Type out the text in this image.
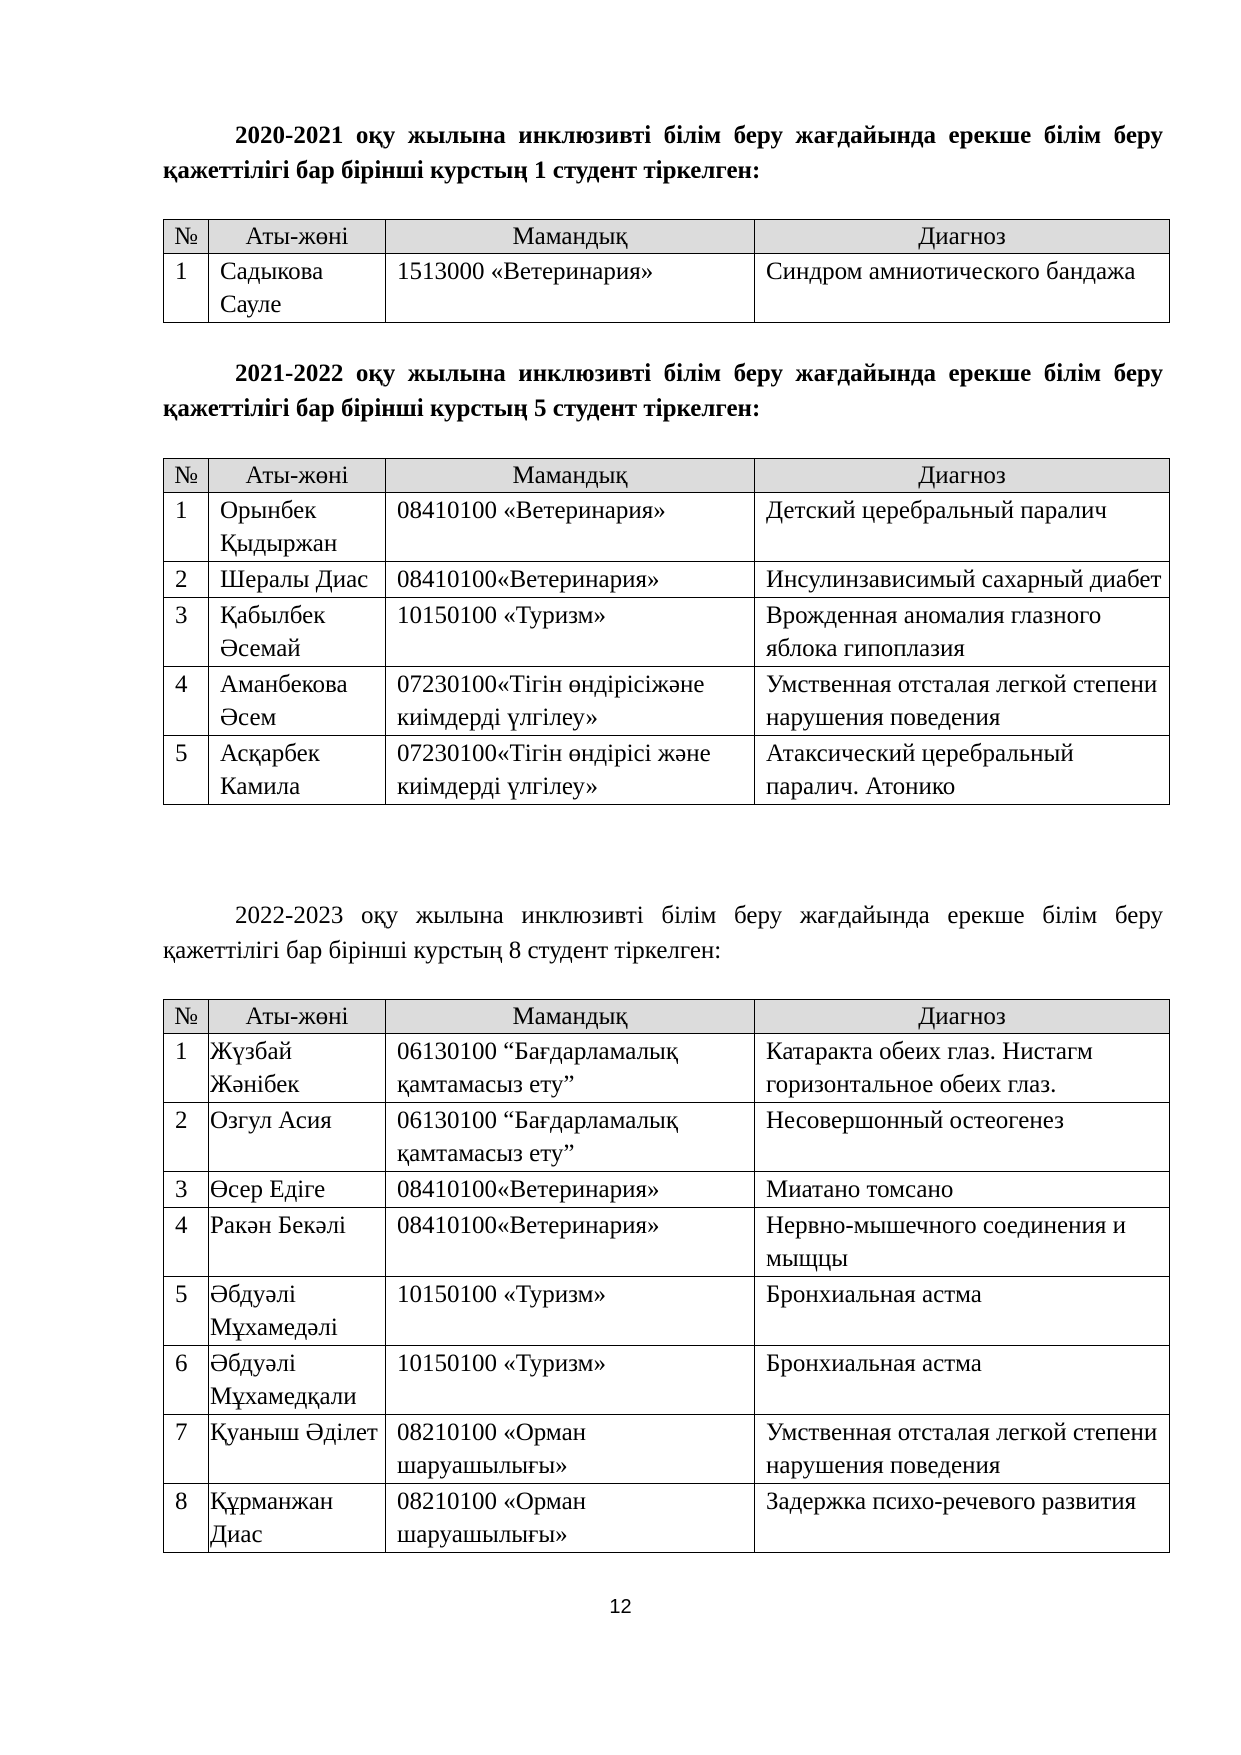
2020-2021 оқу жылына инклюзивті білім беру жағдайында ерекше білім беру қажеттілігі бар бірінші курстың 1 студент тіркелген:
№	Аты-жөні	Мамандық	Диагноз
1	Садыкова Сауле	1513000 «Ветеринария»	Синдром амниотического бандажа
2021-2022 оқу жылына инклюзивті білім беру жағдайында ерекше білім беру қажеттілігі бар бірінші курстың 5 студент тіркелген:
№	Аты-жөні	Мамандық	Диагноз
1	Орынбек Қыдыржан	08410100 «Ветеринария»	Детский церебральный паралич
2	Шералы Диас	08410100«Ветеринария»	Инсулинзависимый сахарный диабет
3	Қабылбек Әсемай	10150100 «Туризм»	Врожденная аномалия глазного яблока гипоплазия
4	Аманбекова Әсем	07230100«Тігін өндірісіжәне киімдерді үлгілеу»	Умственная отсталая легкой степени нарушения поведения
5	Асқарбек Камила	07230100«Тігін өндірісі және киімдерді үлгілеу»	Атаксический церебральный паралич. Атонико
2022-2023 оқу жылына инклюзивті білім беру жағдайында ерекше білім беру қажеттілігі бар бірінші курстың 8 студент тіркелген:
№	Аты-жөні	Мамандық	Диагноз
1	Жүзбай Жәнібек	06130100 “Бағдарламалық қамтамасыз ету”	Катаракта обеих глаз. Нистагм горизонтальное обеих глаз.
2	Озгул Асия	06130100 “Бағдарламалық қамтамасыз ету”	Несовершонный остеогенез
3	Өсер Едіге	08410100«Ветеринария»	Миатано томсано
4	Ракән Бекәлі	08410100«Ветеринария»	Нервно-мышечного соединения и мыщцы
5	Әбдуәлі Мұхамедәлі	10150100 «Туризм»	Бронхиальная астма
6	Әбдуәлі Мұхамедқали	10150100 «Туризм»	Бронхиальная астма
7	Қуаныш Әділет	08210100 «Орман шаруашылығы»	Умственная отсталая легкой степени нарушения поведения
8	Құрманжан Диас	08210100 «Орман шаруашылығы»	Задержка психо-речевого развития
12
